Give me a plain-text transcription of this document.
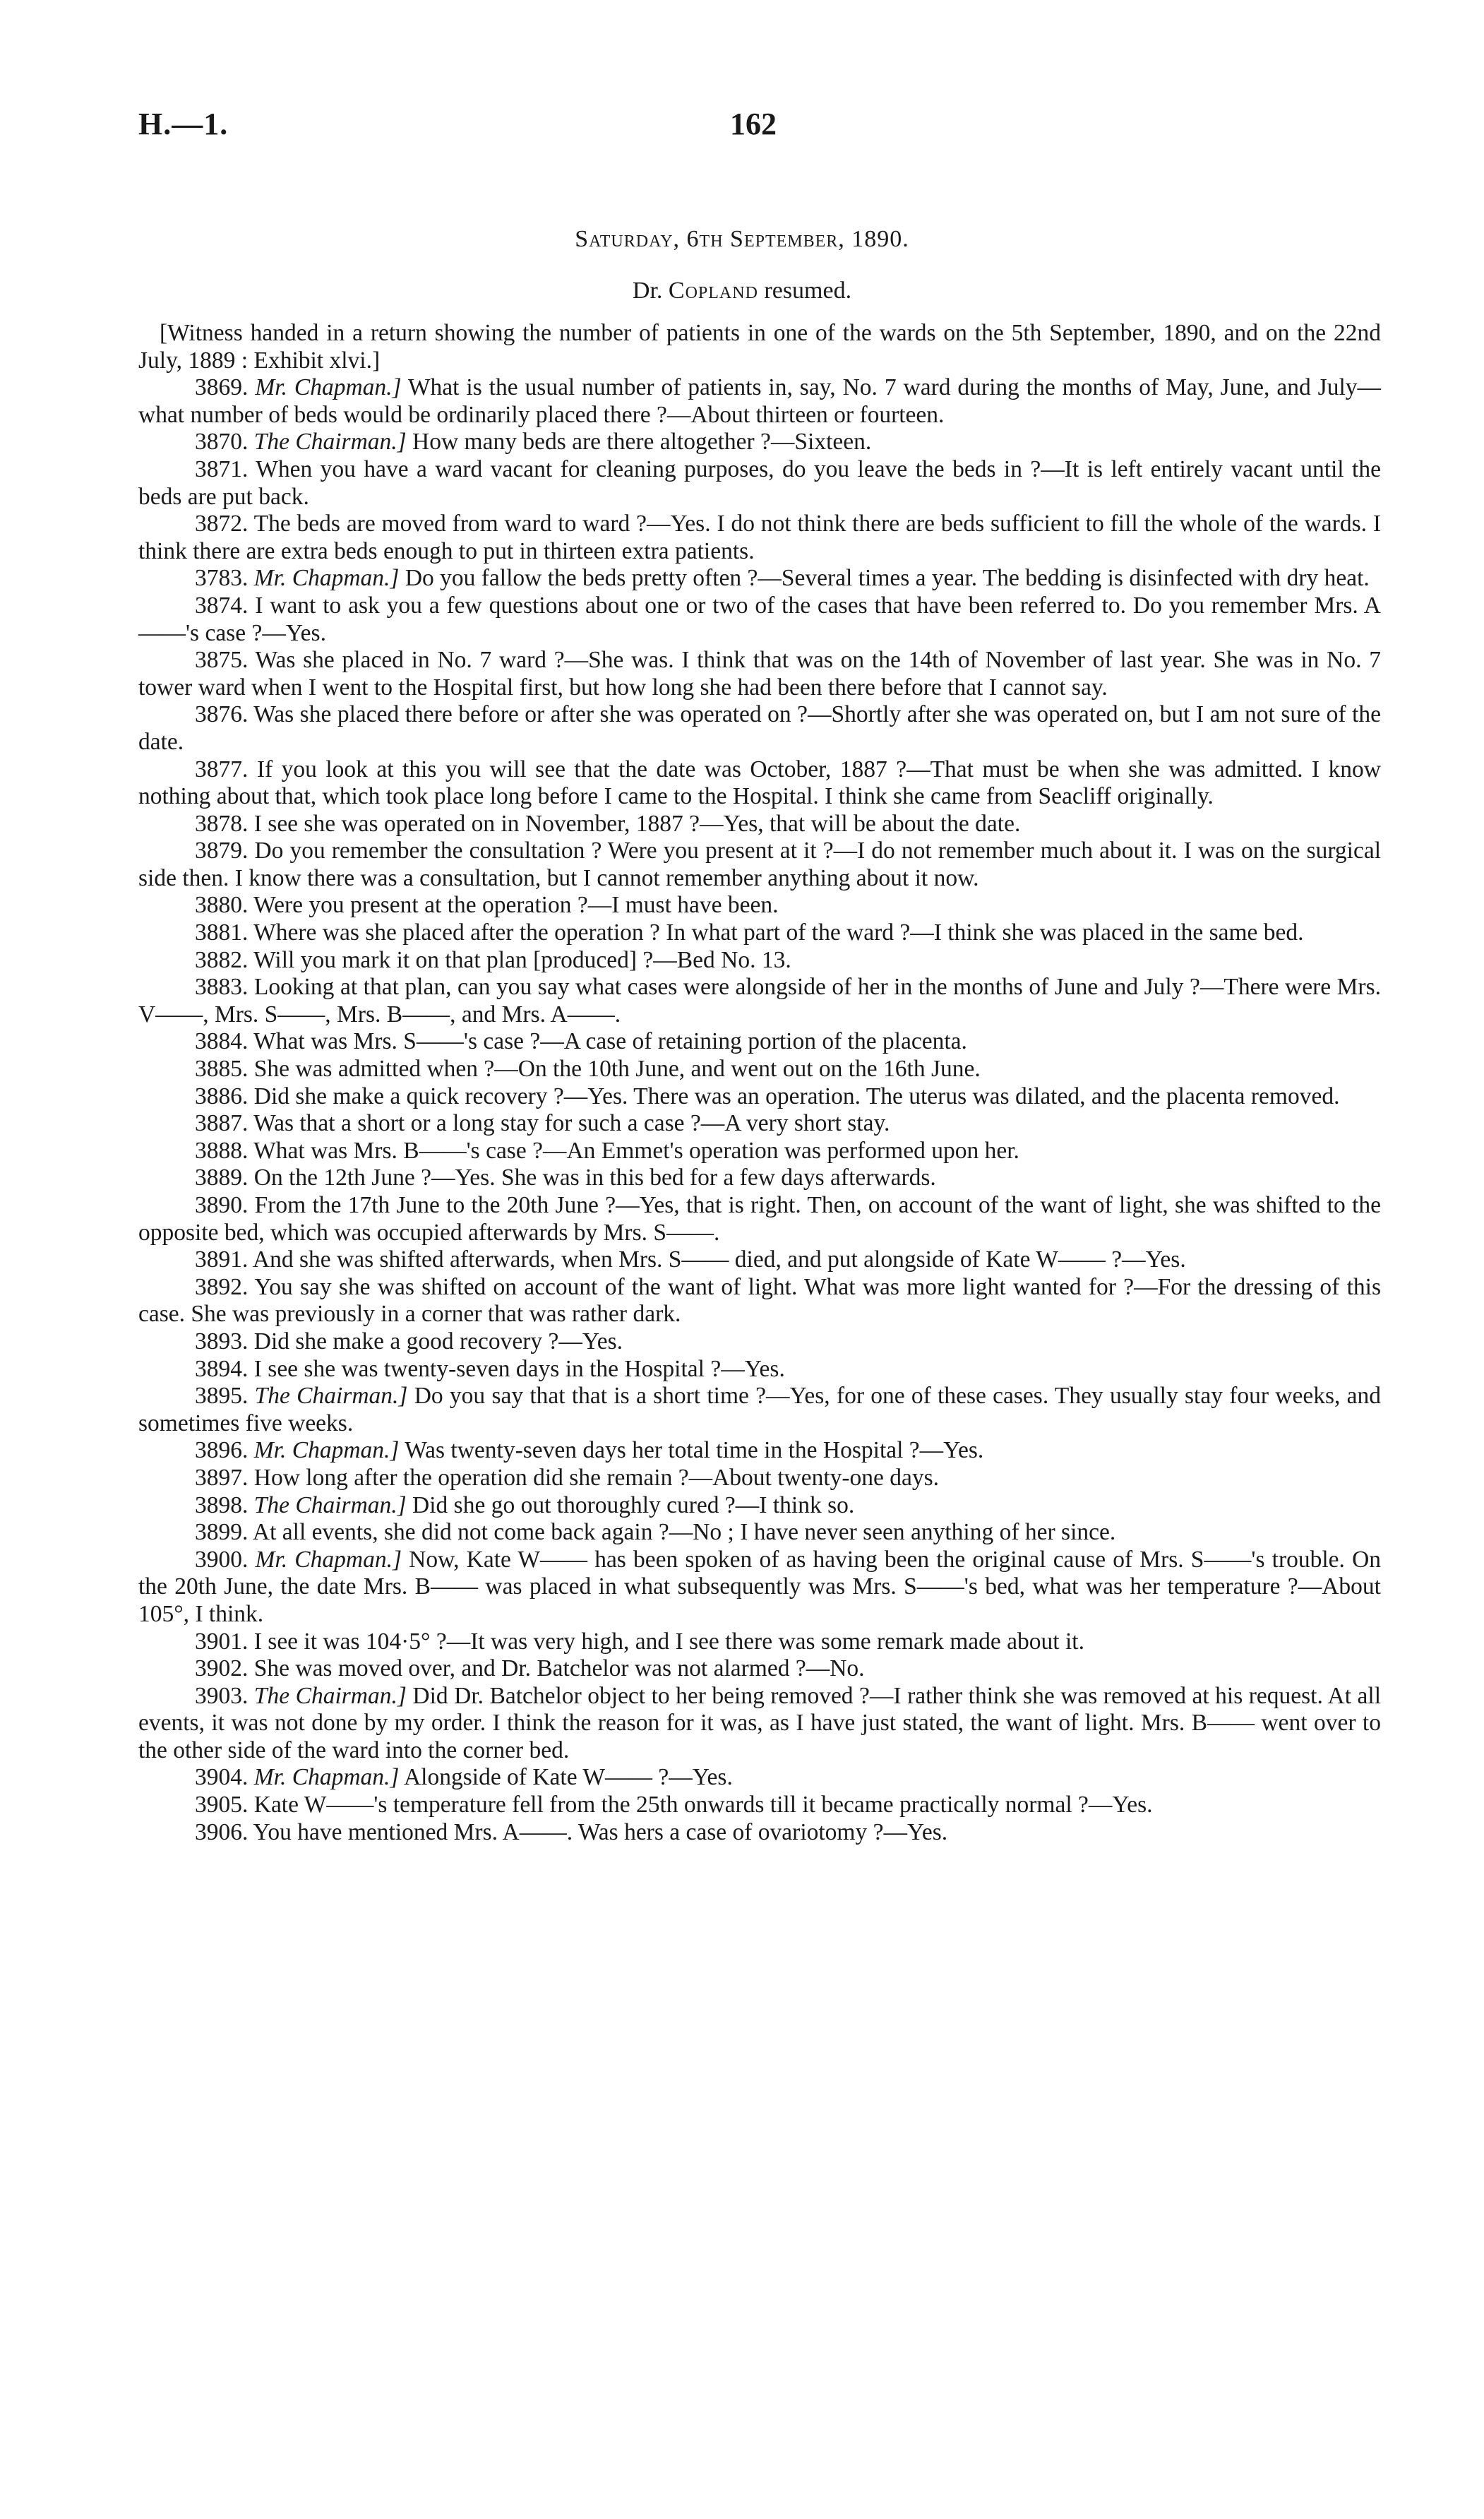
H.—1.	162
Saturday, 6th September, 1890.
Dr. Copland resumed.

[Witness handed in a return showing the number of patients in one of the wards on the 5th September, 1890, and on the 22nd July, 1889 : Exhibit xlvi.]

3869. Mr. Chapman.] What is the usual number of patients in, say, No. 7 ward during the months of May, June, and July—what number of beds would be ordinarily placed there ?—About thirteen or fourteen.

3870. The Chairman.] How many beds are there altogether ?—Sixteen.

3871. When you have a ward vacant for cleaning purposes, do you leave the beds in ?—It is left entirely vacant until the beds are put back.

3872. The beds are moved from ward to ward ?—Yes. I do not think there are beds sufficient to fill the whole of the wards. I think there are extra beds enough to put in thirteen extra patients.

3783. Mr. Chapman.] Do you fallow the beds pretty often ?—Several times a year. The bedding is disinfected with dry heat.

3874. I want to ask you a few questions about one or two of the cases that have been referred to. Do you remember Mrs. A——'s case ?—Yes.

3875. Was she placed in No. 7 ward ?—She was. I think that was on the 14th of November of last year. She was in No. 7 tower ward when I went to the Hospital first, but how long she had been there before that I cannot say.

3876. Was she placed there before or after she was operated on ?—Shortly after she was operated on, but I am not sure of the date.

3877. If you look at this you will see that the date was October, 1887 ?—That must be when she was admitted. I know nothing about that, which took place long before I came to the Hospital. I think she came from Seacliff originally.

3878. I see she was operated on in November, 1887 ?—Yes, that will be about the date.

3879. Do you remember the consultation ? Were you present at it ?—I do not remember much about it. I was on the surgical side then. I know there was a consultation, but I cannot remember anything about it now.

3880. Were you present at the operation ?—I must have been.

3881. Where was she placed after the operation ? In what part of the ward ?—I think she was placed in the same bed.

3882. Will you mark it on that plan [produced] ?—Bed No. 13.

3883. Looking at that plan, can you say what cases were alongside of her in the months of June and July ?—There were Mrs. V——, Mrs. S——, Mrs. B——, and Mrs. A——.

3884. What was Mrs. S——'s case ?—A case of retaining portion of the placenta.

3885. She was admitted when ?—On the 10th June, and went out on the 16th June.

3886. Did she make a quick recovery ?—Yes. There was an operation. The uterus was dilated, and the placenta removed.

3887. Was that a short or a long stay for such a case ?—A very short stay.

3888. What was Mrs. B——'s case ?—An Emmet's operation was performed upon her.

3889. On the 12th June ?—Yes. She was in this bed for a few days afterwards.

3890. From the 17th June to the 20th June ?—Yes, that is right. Then, on account of the want of light, she was shifted to the opposite bed, which was occupied afterwards by Mrs. S——.

3891. And she was shifted afterwards, when Mrs. S—— died, and put alongside of Kate W—— ?—Yes.

3892. You say she was shifted on account of the want of light. What was more light wanted for ?—For the dressing of this case. She was previously in a corner that was rather dark.

3893. Did she make a good recovery ?—Yes.

3894. I see she was twenty-seven days in the Hospital ?—Yes.

3895. The Chairman.] Do you say that that is a short time ?—Yes, for one of these cases. They usually stay four weeks, and sometimes five weeks.

3896. Mr. Chapman.] Was twenty-seven days her total time in the Hospital ?—Yes.

3897. How long after the operation did she remain ?—About twenty-one days.

3898. The Chairman.] Did she go out thoroughly cured ?—I think so.

3899. At all events, she did not come back again ?—No ; I have never seen anything of her since.

3900. Mr. Chapman.] Now, Kate W—— has been spoken of as having been the original cause of Mrs. S——'s trouble. On the 20th June, the date Mrs. B—— was placed in what subsequently was Mrs. S——'s bed, what was her temperature ?—About 105°, I think.

3901. I see it was 104·5° ?—It was very high, and I see there was some remark made about it.

3902. She was moved over, and Dr. Batchelor was not alarmed ?—No.

3903. The Chairman.] Did Dr. Batchelor object to her being removed ?—I rather think she was removed at his request. At all events, it was not done by my order. I think the reason for it was, as I have just stated, the want of light. Mrs. B—— went over to the other side of the ward into the corner bed.

3904. Mr. Chapman.] Alongside of Kate W—— ?—Yes.

3905. Kate W——'s temperature fell from the 25th onwards till it became practically normal ?—Yes.

3906. You have mentioned Mrs. A——. Was hers a case of ovariotomy ?—Yes.
